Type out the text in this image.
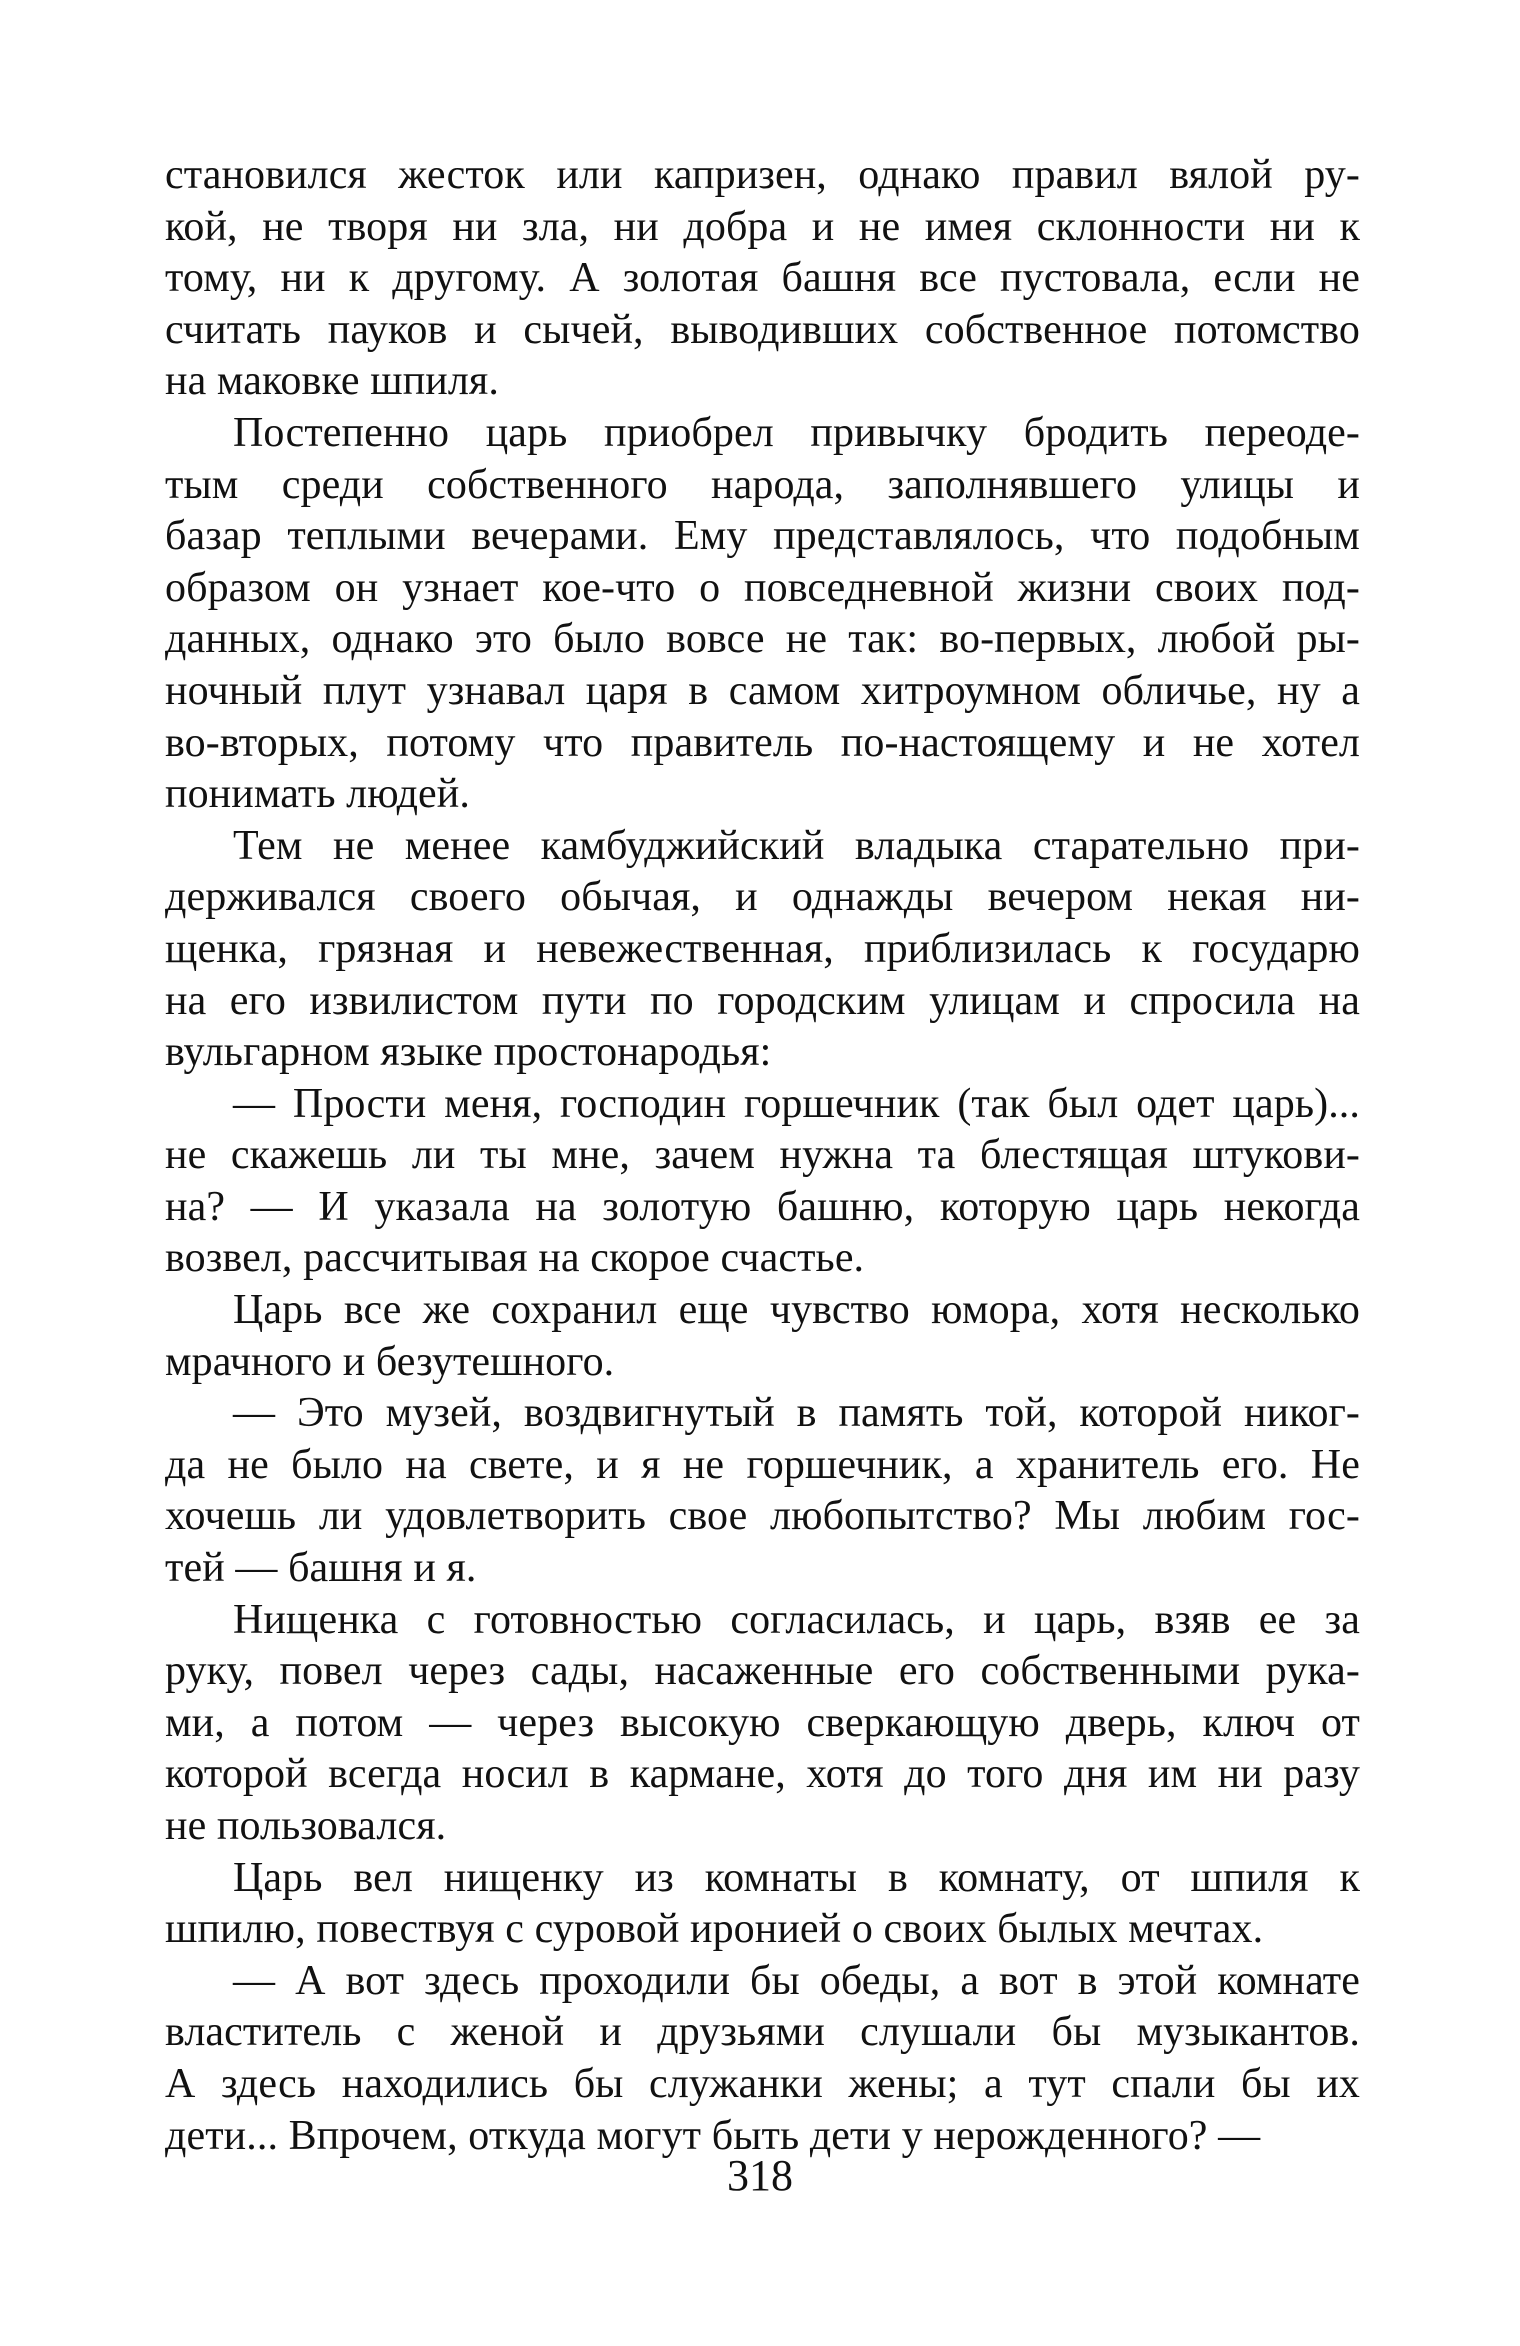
становился жесток или капризен, однако правил вялой ру-
кой, не творя ни зла, ни добра и не имея склонности ни к
тому, ни к другому. А золотая башня все пустовала, если не
считать пауков и сычей, выводивших собственное потомство
на маковке шпиля.
Постепенно царь приобрел привычку бродить переоде-
тым среди собственного народа, заполнявшего улицы и
базар теплыми вечерами. Ему представлялось, что подобным
образом он узнает кое-что о повседневной жизни своих под-
данных, однако это было вовсе не так: во-первых, любой ры-
ночный плут узнавал царя в самом хитроумном обличье, ну а
во-вторых, потому что правитель по-настоящему и не хотел
понимать людей.
Тем не менее камбуджийский владыка старательно при-
держивался своего обычая, и однажды вечером некая ни-
щенка, грязная и невежественная, приблизилась к государю
на его извилистом пути по городским улицам и спросила на
вульгарном языке простонародья:
— Прости меня, господин горшечник (так был одет царь)...
не скажешь ли ты мне, зачем нужна та блестящая штукови-
на? — И указала на золотую башню, которую царь некогда
возвел, рассчитывая на скорое счастье.
Царь все же сохранил еще чувство юмора, хотя несколько
мрачного и безутешного.
— Это музей, воздвигнутый в память той, которой никог-
да не было на свете, и я не горшечник, а хранитель его. Не
хочешь ли удовлетворить свое любопытство? Мы любим гос-
тей — башня и я.
Нищенка с готовностью согласилась, и царь, взяв ее за
руку, повел через сады, насаженные его собственными рука-
ми, а потом — через высокую сверкающую дверь, ключ от
которой всегда носил в кармане, хотя до того дня им ни разу
не пользовался.
Царь вел нищенку из комнаты в комнату, от шпиля к
шпилю, повествуя с суровой иронией о своих былых мечтах.
— А вот здесь проходили бы обеды, а вот в этой комнате
властитель с женой и друзьями слушали бы музыкантов.
А здесь находились бы служанки жены; а тут спали бы их
дети... Впрочем, откуда могут быть дети у нерожденного? —
318
